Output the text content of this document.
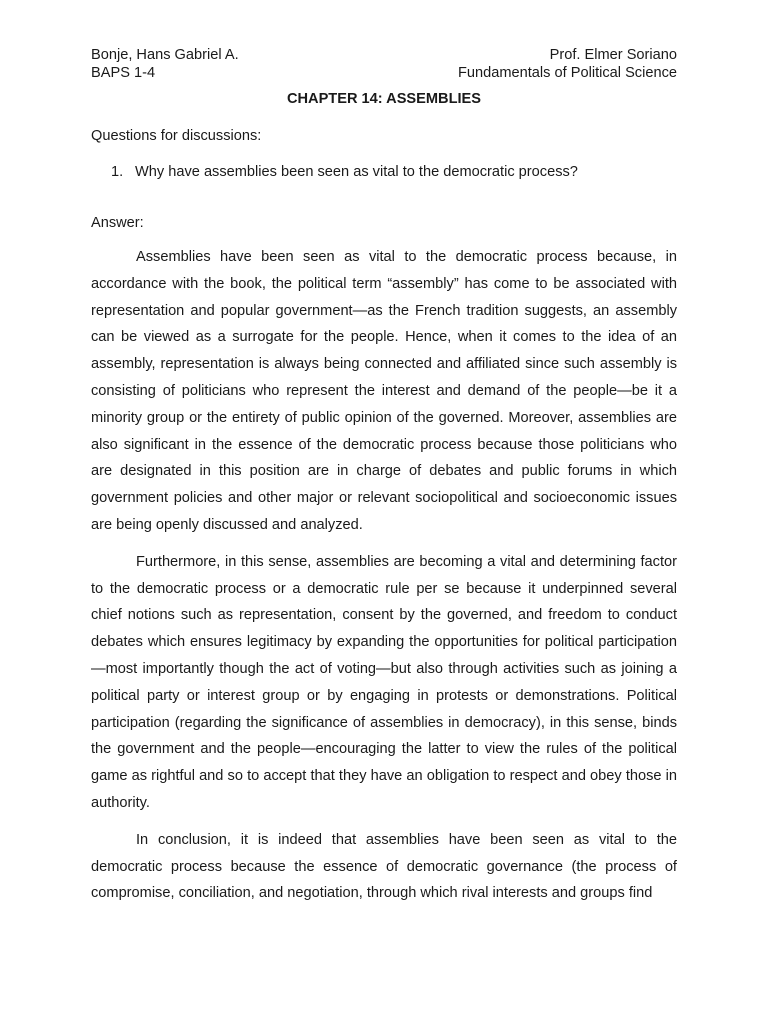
Bonje, Hans Gabriel A.	Prof. Elmer Soriano
BAPS 1-4	Fundamentals of Political Science
CHAPTER 14: ASSEMBLIES
Questions for discussions:
1. Why have assemblies been seen as vital to the democratic process?
Answer:

Assemblies have been seen as vital to the democratic process because, in accordance with the book, the political term “assembly” has come to be associated with representation and popular government—as the French tradition suggests, an assembly can be viewed as a surrogate for the people. Hence, when it comes to the idea of an assembly, representation is always being connected and affiliated since such assembly is consisting of politicians who represent the interest and demand of the people—be it a minority group or the entirety of public opinion of the governed. Moreover, assemblies are also significant in the essence of the democratic process because those politicians who are designated in this position are in charge of debates and public forums in which government policies and other major or relevant sociopolitical and socioeconomic issues are being openly discussed and analyzed.

Furthermore, in this sense, assemblies are becoming a vital and determining factor to the democratic process or a democratic rule per se because it underpinned several chief notions such as representation, consent by the governed, and freedom to conduct debates which ensures legitimacy by expanding the opportunities for political participation—most importantly though the act of voting—but also through activities such as joining a political party or interest group or by engaging in protests or demonstrations. Political participation (regarding the significance of assemblies in democracy), in this sense, binds the government and the people—encouraging the latter to view the rules of the political game as rightful and so to accept that they have an obligation to respect and obey those in authority.

In conclusion, it is indeed that assemblies have been seen as vital to the democratic process because the essence of democratic governance (the process of compromise, conciliation, and negotiation, through which rival interests and groups find
